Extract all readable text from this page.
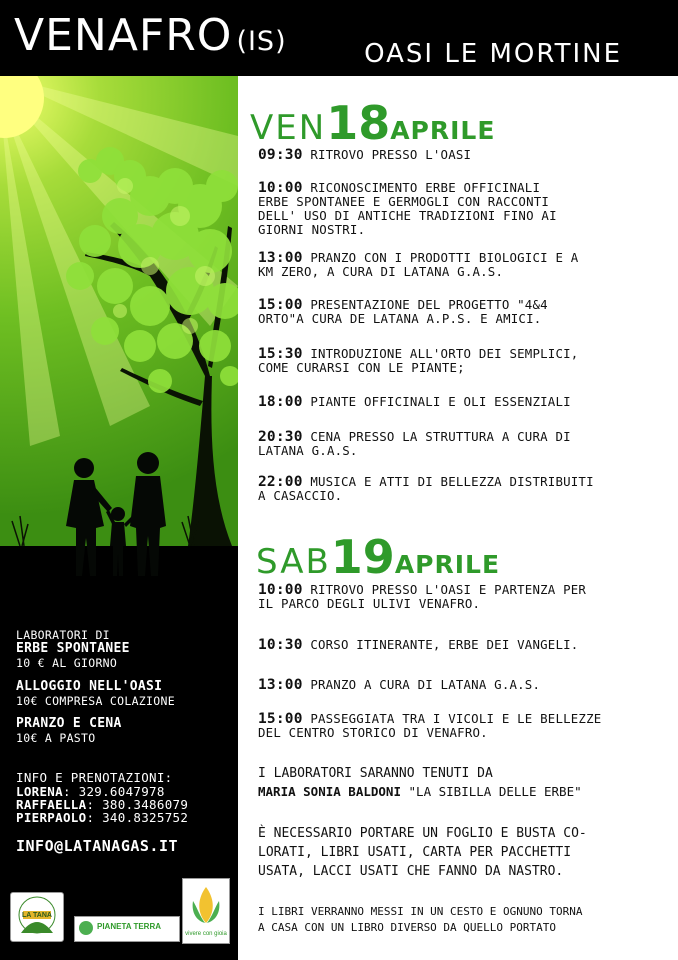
VENAFRO (IS)	OASI LE MORTINE
LABORATORI DI
ERBE SPONTANEE
10 € AL GIORNO
ALLOGGIO NELL'OASI
10€ COMPRESA COLAZIONE
PRANZO E CENA
10€ A PASTO
INFO E PRENOTAZIONI:
LORENA: 329.6047978
RAFFAELLA: 380.3486079
PIERPAOLO: 340.8325752
INFO@LATANAGAS.IT
LA TANA
PIANETA TERRA
vivere con gioia
VEN18APRILE
09:30 RITROVO PRESSO L'OASI
10:00 RICONOSCIMENTO ERBE OFFICINALI
ERBE SPONTANEE E GERMOGLI CON RACCONTI
DELL' USO DI ANTICHE TRADIZIONI FINO AI
GIORNI NOSTRI.
13:00 PRANZO CON I PRODOTTI BIOLOGICI E A
KM ZERO, A CURA DI LATANA G.A.S.
15:00 PRESENTAZIONE DEL PROGETTO "4&4
ORTO"A CURA DE LATANA A.P.S. E AMICI.
15:30 INTRODUZIONE ALL'ORTO DEI SEMPLICI,
COME CURARSI CON LE PIANTE;
18:00 PIANTE OFFICINALI E OLI ESSENZIALI
20:30 CENA PRESSO LA STRUTTURA A CURA DI
LATANA G.A.S.
22:00 MUSICA E ATTI DI BELLEZZA DISTRIBUITI
A CASACCIO.
SAB19APRILE
10:00 RITROVO PRESSO L'OASI E PARTENZA PER
IL PARCO DEGLI ULIVI VENAFRO.
10:30 CORSO ITINERANTE, ERBE DEI VANGELI.
13:00 PRANZO A CURA DI LATANA G.A.S.
15:00 PASSEGGIATA TRA I VICOLI E LE BELLEZZE
DEL CENTRO STORICO DI VENAFRO.
I LABORATORI SARANNO TENUTI DA
MARIA SONIA BALDONI "LA SIBILLA DELLE ERBE"
È NECESSARIO PORTARE UN FOGLIO E BUSTA CO-
LORATI, LIBRI USATI, CARTA PER PACCHETTI
USATA, LACCI USATI CHE FANNO DA NASTRO.
I LIBRI VERRANNO MESSI IN UN CESTO E OGNUNO TORNA
A CASA CON UN LIBRO DIVERSO DA QUELLO PORTATO
